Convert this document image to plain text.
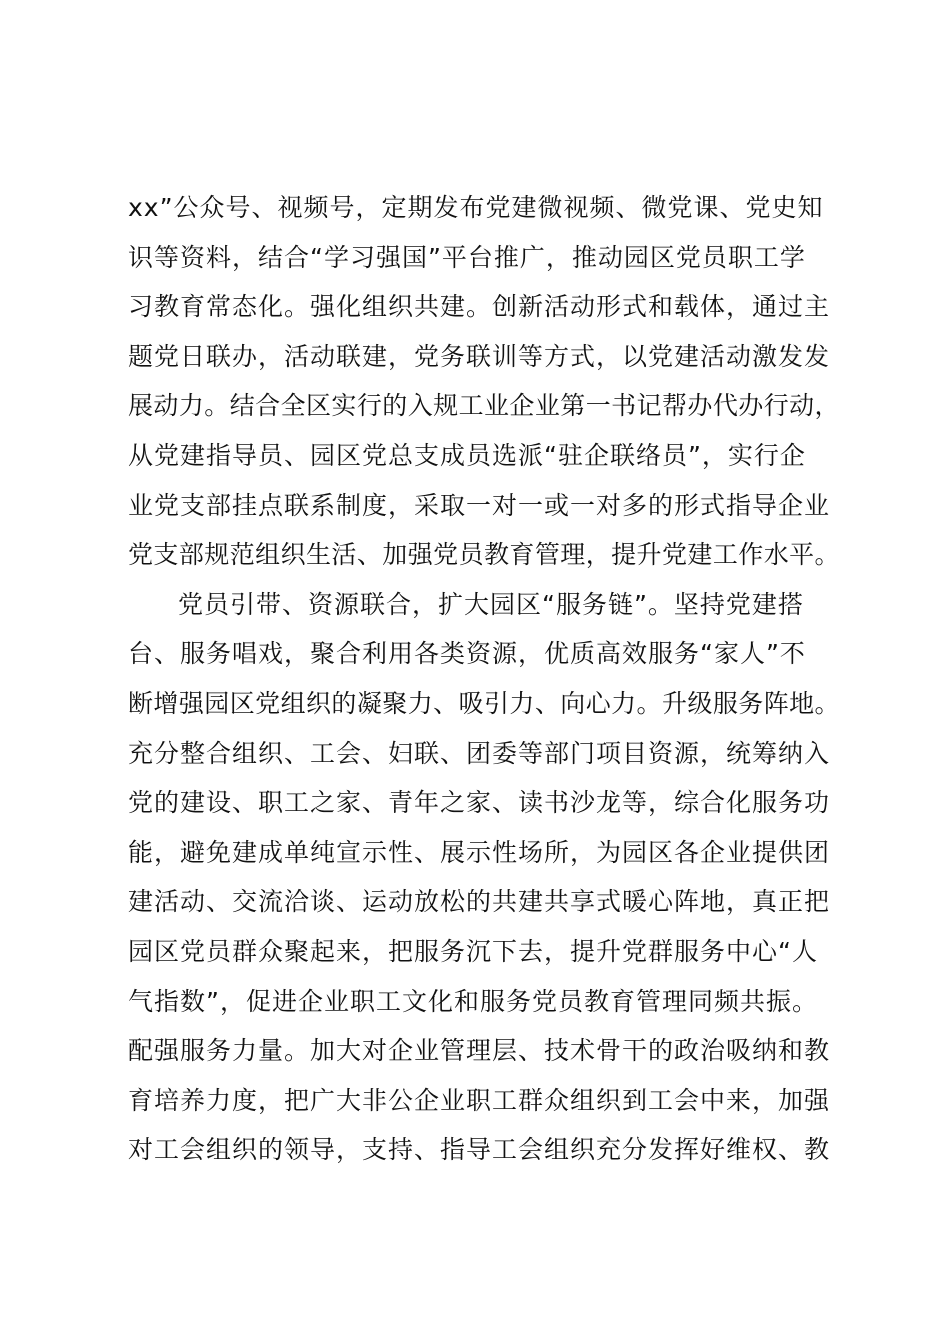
xx”公众号、视频号，定期发布党建微视频、微党课、党史知
识等资料，结合“学习强国”平台推广，推动园区党员职工学
习教育常态化。强化组织共建。创新活动形式和载体，通过主
题党日联办，活动联建，党务联训等方式，以党建活动激发发
展动力。结合全区实行的入规工业企业第一书记帮办代办行动，
从党建指导员、园区党总支成员选派“驻企联络员”，实行企
业党支部挂点联系制度，采取一对一或一对多的形式指导企业
党支部规范组织生活、加强党员教育管理，提升党建工作水平。
党员引带、资源联合，扩大园区“服务链”。坚持党建搭
台、服务唱戏，聚合利用各类资源，优质高效服务“家人”不
断增强园区党组织的凝聚力、吸引力、向心力。升级服务阵地。
充分整合组织、工会、妇联、团委等部门项目资源，统筹纳入
党的建设、职工之家、青年之家、读书沙龙等，综合化服务功
能，避免建成单纯宣示性、展示性场所，为园区各企业提供团
建活动、交流洽谈、运动放松的共建共享式暖心阵地，真正把
园区党员群众聚起来，把服务沉下去，提升党群服务中心“人
气指数”，促进企业职工文化和服务党员教育管理同频共振。
配强服务力量。加大对企业管理层、技术骨干的政治吸纳和教
育培养力度，把广大非公企业职工群众组织到工会中来，加强
对工会组织的领导，支持、指导工会组织充分发挥好维权、教
